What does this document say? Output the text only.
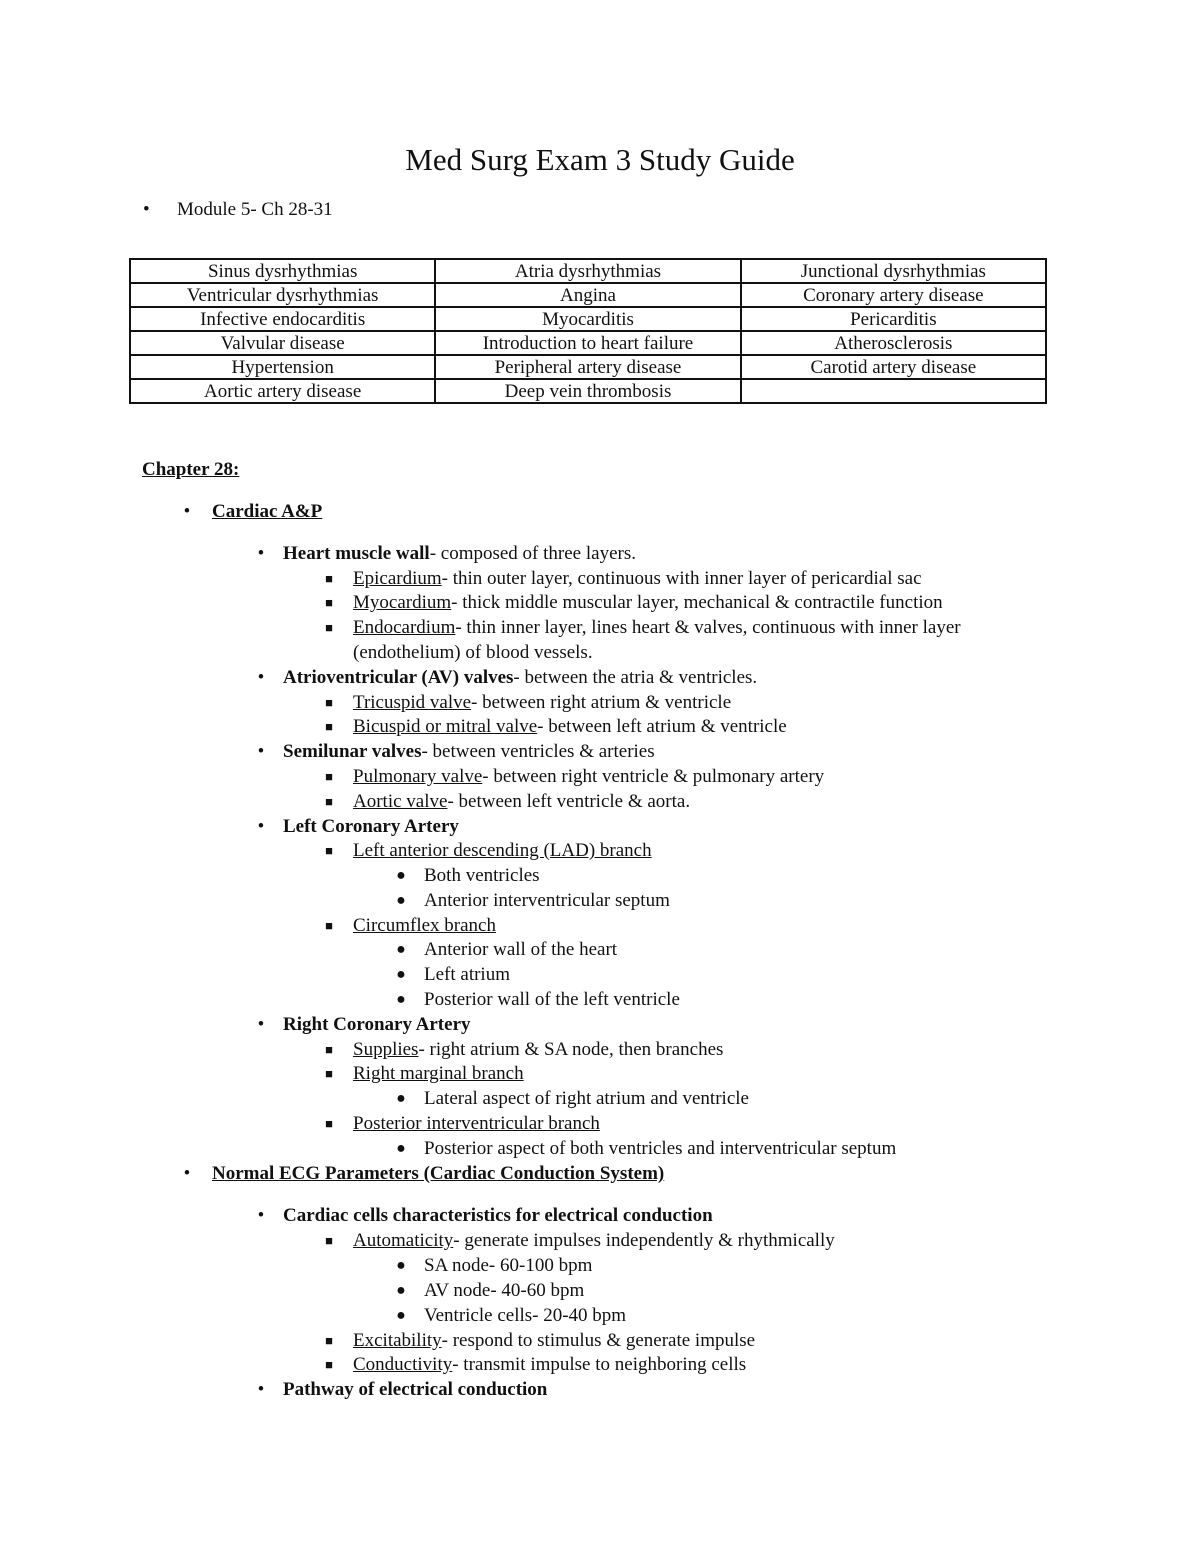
Med Surg Exam 3 Study Guide
• Module 5- Ch 28-31
Sinus dysrhythmias	Atria dysrhythmias	Junctional dysrhythmias
Ventricular dysrhythmias	Angina	Coronary artery disease
Infective endocarditis	Myocarditis	Pericarditis
Valvular disease	Introduction to heart failure	Atherosclerosis
Hypertension	Peripheral artery disease	Carotid artery disease
Aortic artery disease	Deep vein thrombosis	
Chapter 28:
•	Cardiac A&P
• Heart muscle wall- composed of three layers.
■	Epicardium- thin outer layer, continuous with inner layer of pericardial sac
■	Myocardium- thick middle muscular layer, mechanical & contractile function
■	Endocardium- thin inner layer, lines heart & valves, continuous with inner layer
(endothelium) of blood vessels.
• Atrioventricular (AV) valves- between the atria & ventricles.
■	Tricuspid valve- between right atrium & ventricle
■	Bicuspid or mitral valve- between left atrium & ventricle
• Semilunar valves- between ventricles & arteries
■	Pulmonary valve- between right ventricle & pulmonary artery
■	Aortic valve- between left ventricle & aorta.
• Left Coronary Artery
■	Left anterior descending (LAD) branch
● Both ventricles
● Anterior interventricular septum
■	Circumflex branch
● Anterior wall of the heart
● Left atrium
● Posterior wall of the left ventricle
• Right Coronary Artery
■	Supplies- right atrium & SA node, then branches
■	Right marginal branch
● Lateral aspect of right atrium and ventricle
■	Posterior interventricular branch
● Posterior aspect of both ventricles and interventricular septum
•	Normal ECG Parameters (Cardiac Conduction System)
• Cardiac cells characteristics for electrical conduction
■	Automaticity- generate impulses independently & rhythmically
● SA node- 60-100 bpm
● AV node- 40-60 bpm
● Ventricle cells- 20-40 bpm
■	Excitability- respond to stimulus & generate impulse
■	Conductivity- transmit impulse to neighboring cells
• Pathway of electrical conduction
